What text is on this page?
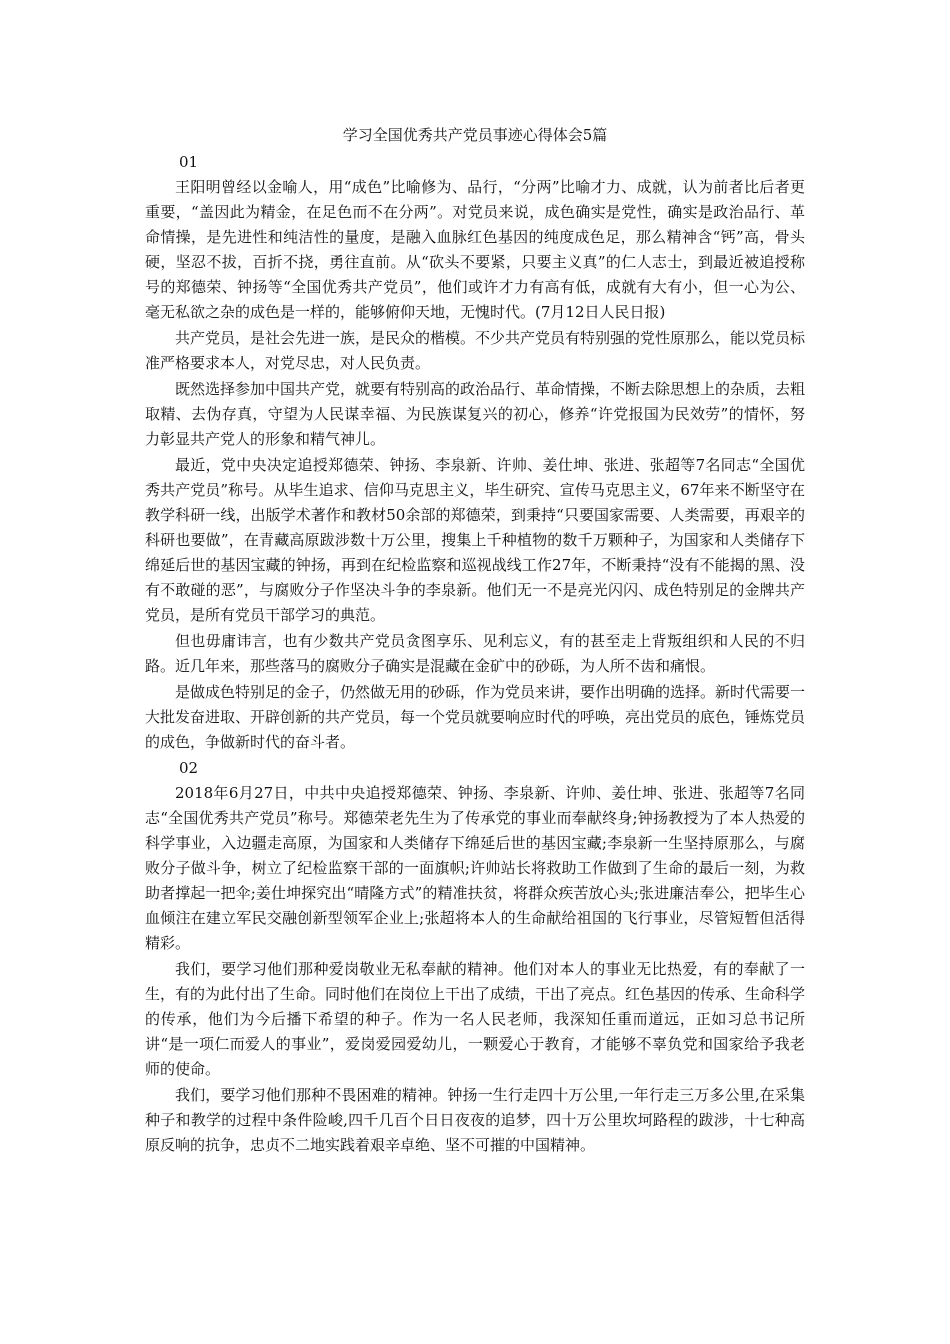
学习全国优秀共产党员事迹心得体会5篇
01

王阳明曾经以金喻人，用“成色”比喻修为、品行，“分两”比喻才力、成就，认为前者比后者更重要，“盖因此为精金，在足色而不在分两”。对党员来说，成色确实是党性，确实是政治品行、革命情操，是先进性和纯洁性的量度，是融入血脉红色基因的纯度成色足，那么精神含“钙”高，骨头硬，坚忍不拔，百折不挠，勇往直前。从“砍头不要紧，只要主义真”的仁人志士，到最近被追授称号的郑德荣、钟扬等“全国优秀共产党员”，他们或许才力有高有低，成就有大有小，但一心为公、毫无私欲之杂的成色是一样的，能够俯仰天地，无愧时代。(7月12日人民日报)

共产党员，是社会先进一族，是民众的楷模。不少共产党员有特别强的党性原那么，能以党员标准严格要求本人，对党尽忠，对人民负责。

既然选择参加中国共产党，就要有特别高的政治品行、革命情操，不断去除思想上的杂质，去粗取精、去伪存真，守望为人民谋幸福、为民族谋复兴的初心，修养“许党报国为民效劳”的情怀，努力彰显共产党人的形象和精气神儿。

最近，党中央决定追授郑德荣、钟扬、李泉新、许帅、姜仕坤、张进、张超等7名同志“全国优秀共产党员”称号。从毕生追求、信仰马克思主义，毕生研究、宣传马克思主义，67年来不断坚守在教学科研一线，出版学术著作和教材50余部的郑德荣，到秉持“只要国家需要、人类需要，再艰辛的科研也要做”，在青藏高原跋涉数十万公里，搜集上千种植物的数千万颗种子，为国家和人类储存下绵延后世的基因宝藏的钟扬，再到在纪检监察和巡视战线工作27年，不断秉持“没有不能揭的黑、没有不敢碰的恶”，与腐败分子作坚决斗争的李泉新。他们无一不是亮光闪闪、成色特别足的金牌共产党员，是所有党员干部学习的典范。

但也毋庸讳言，也有少数共产党员贪图享乐、见利忘义，有的甚至走上背叛组织和人民的不归路。近几年来，那些落马的腐败分子确实是混藏在金矿中的砂砾，为人所不齿和痛恨。

是做成色特别足的金子，仍然做无用的砂砾，作为党员来讲，要作出明确的选择。新时代需要一大批发奋进取、开辟创新的共产党员，每一个党员就要响应时代的呼唤，亮出党员的底色，锤炼党员的成色，争做新时代的奋斗者。

02

2018年6月27日，中共中央追授郑德荣、钟扬、李泉新、许帅、姜仕坤、张进、张超等7名同志“全国优秀共产党员”称号。郑德荣老先生为了传承党的事业而奉献终身;钟扬教授为了本人热爱的科学事业，入边疆走高原，为国家和人类储存下绵延后世的基因宝藏;李泉新一生坚持原那么，与腐败分子做斗争，树立了纪检监察干部的一面旗帜;许帅站长将救助工作做到了生命的最后一刻，为救助者撑起一把伞;姜仕坤探究出“晴隆方式”的精准扶贫，将群众疾苦放心头;张进廉洁奉公，把毕生心血倾注在建立军民交融创新型领军企业上;张超将本人的生命献给祖国的飞行事业，尽管短暂但活得精彩。

我们，要学习他们那种爱岗敬业无私奉献的精神。他们对本人的事业无比热爱，有的奉献了一生，有的为此付出了生命。同时他们在岗位上干出了成绩，干出了亮点。红色基因的传承、生命科学的传承，他们为今后播下希望的种子。作为一名人民老师，我深知任重而道远，正如习总书记所讲“是一项仁而爱人的事业”，爱岗爱园爱幼儿，一颗爱心于教育，才能够不辜负党和国家给予我老师的使命。

我们，要学习他们那种不畏困难的精神。钟扬一生行走四十万公里,一年行走三万多公里,在采集种子和教学的过程中条件险峻,四千几百个日日夜夜的追梦，四十万公里坎坷路程的跋涉，十七种高原反响的抗争，忠贞不二地实践着艰辛卓绝、坚不可摧的中国精神。
